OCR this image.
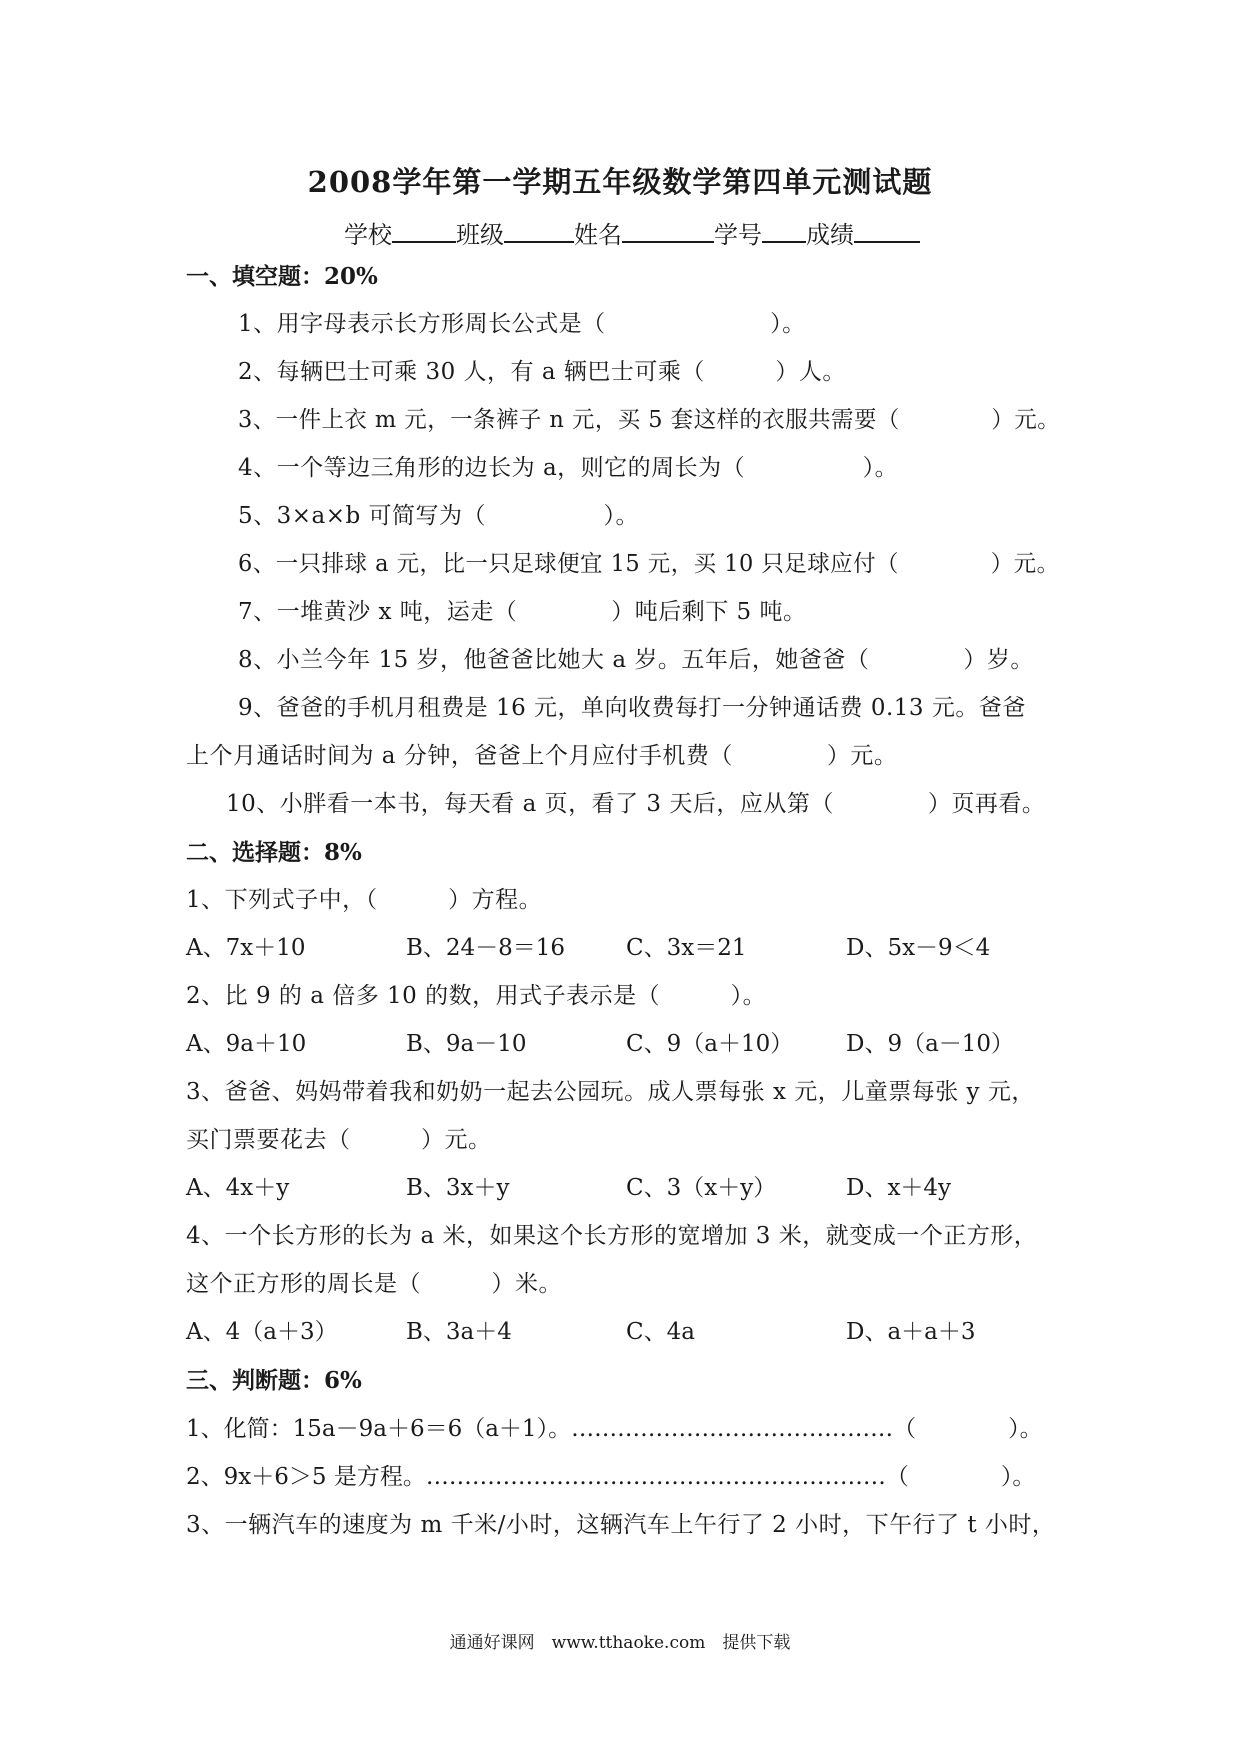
2008学年第一学期五年级数学第四单元测试题
学校	班级	姓名	学号 成绩
一、填空题：20%
1、用字母表示长方形周长公式是（　　　　　　　）。
2、每辆巴士可乘 30 人，有 a 辆巴士可乘（　　　）人。
3、一件上衣 m 元，一条裤子 n 元，买 5 套这样的衣服共需要（　　　　）元。
4、一个等边三角形的边长为 a，则它的周长为（　　　　　）。
5、3×a×b 可简写为（　　　　　）。
6、一只排球 a 元，比一只足球便宜 15 元，买 10 只足球应付（　　　　）元。
7、一堆黄沙 x 吨，运走（　　　　）吨后剩下 5 吨。
8、小兰今年 15 岁，他爸爸比她大 a 岁。五年后，她爸爸（　　　　）岁。
9、爸爸的手机月租费是 16 元，单向收费每打一分钟通话费 0.13 元。爸爸
上个月通话时间为 a 分钟，爸爸上个月应付手机费（　　　　）元。
10、小胖看一本书，每天看 a 页，看了 3 天后，应从第（　　　　）页再看。
二、选择题：8%
1、下列式子中，（　　　）方程。
A、7x＋10	B、24－8＝16	C、3x＝21	D、5x－9＜4
2、比 9 的 a 倍多 10 的数，用式子表示是（　　　）。
A、9a＋10	B、9a－10	C、9（a＋10） D、9（a－10）
3、爸爸、妈妈带着我和奶奶一起去公园玩。成人票每张 x 元，儿童票每张 y 元，
买门票要花去（　　　）元。
A、4x＋y	B、3x＋y	C、3（x＋y）	D、x＋4y
4、一个长方形的长为 a 米，如果这个长方形的宽增加 3 米，就变成一个正方形，
这个正方形的周长是（　　　）米。
A、4（a＋3）	B、3a＋4	C、4a	D、a＋a＋3
三、判断题：6%
1、化简：15a－9a＋6＝6（a＋1）。……………………………………（　　　　）。
2、9x＋6＞5 是方程。……………………………………………………（　　　　）。
3、一辆汽车的速度为 m 千米/小时，这辆汽车上午行了 2 小时，下午行了 t 小时，
通通好课网　www.tthaoke.com　提供下载
